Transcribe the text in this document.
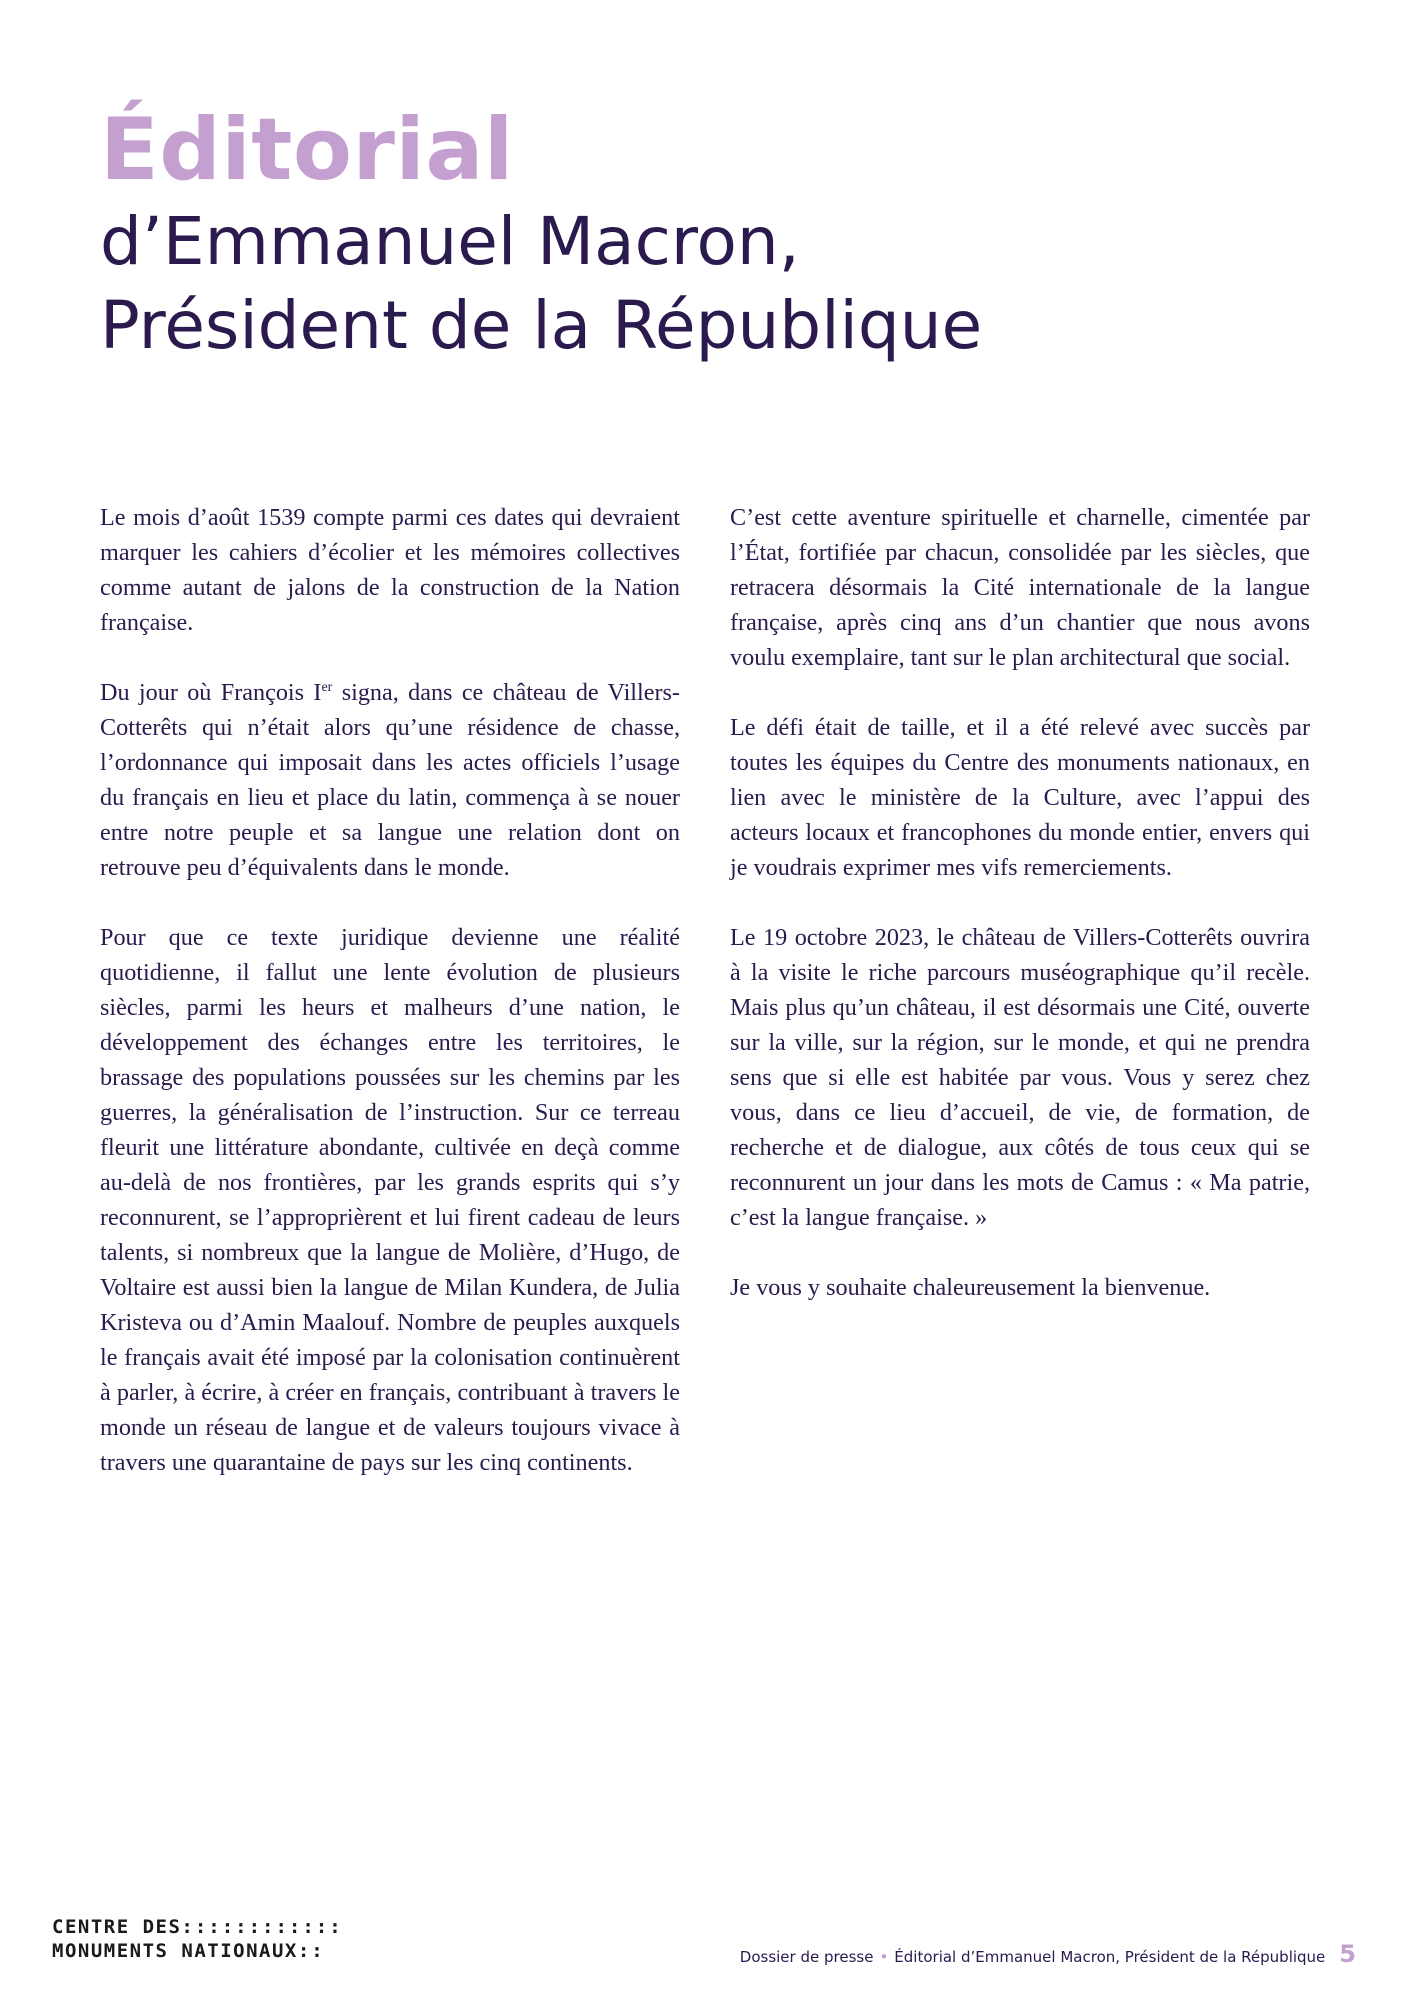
Éditorial
d’Emmanuel Macron,
Président de la République

Le mois d’août 1539 compte parmi ces dates qui devraient marquer les cahiers d’écolier et les mémoires collectives comme autant de jalons de la construction de la Nation française.

Du jour où François Ier signa, dans ce château de Villers-Cotterêts qui n’était alors qu’une résidence de chasse, l’ordonnance qui imposait dans les actes officiels l’usage du français en lieu et place du latin, commença à se nouer entre notre peuple et sa langue une relation dont on retrouve peu d’équivalents dans le monde.

Pour que ce texte juridique devienne une réalité quotidienne, il fallut une lente évolution de plusieurs siècles, parmi les heurs et malheurs d’une nation, le développement des échanges entre les territoires, le brassage des populations poussées sur les chemins par les guerres, la généralisation de l’instruction. Sur ce terreau fleurit une littérature abondante, cultivée en deçà comme au-delà de nos frontières, par les grands esprits qui s’y reconnurent, se l’approprièrent et lui firent cadeau de leurs talents, si nombreux que la langue de Molière, d’Hugo, de Voltaire est aussi bien la langue de Milan Kundera, de Julia Kristeva ou d’Amin Maalouf. Nombre de peuples auxquels le français avait été imposé par la colonisation continuèrent à parler, à écrire, à créer en français, contribuant à travers le monde un réseau de langue et de valeurs toujours vivace à travers une quarantaine de pays sur les cinq continents.

C’est cette aventure spirituelle et charnelle, cimentée par l’État, fortifiée par chacun, consolidée par les siècles, que retracera désormais la Cité internationale de la langue française, après cinq ans d’un chantier que nous avons voulu exemplaire, tant sur le plan architectural que social.

Le défi était de taille, et il a été relevé avec succès par toutes les équipes du Centre des monuments nationaux, en lien avec le ministère de la Culture, avec l’appui des acteurs locaux et francophones du monde entier, envers qui je voudrais exprimer mes vifs remerciements.

Le 19 octobre 2023, le château de Villers-Cotterêts ouvrira à la visite le riche parcours muséographique qu’il recèle. Mais plus qu’un château, il est désormais une Cité, ouverte sur la ville, sur la région, sur le monde, et qui ne prendra sens que si elle est habitée par vous. Vous y serez chez vous, dans ce lieu d’accueil, de vie, de formation, de recherche et de dialogue, aux côtés de tous ceux qui se reconnurent un jour dans les mots de Camus : « Ma patrie, c’est la langue française. »

Je vous y souhaite chaleureusement la bienvenue.

CENTRE DES::::::::::::
MONUMENTS NATIONAUX::	Dossier de presse • Éditorial d’Emmanuel Macron, Président de la République 5
